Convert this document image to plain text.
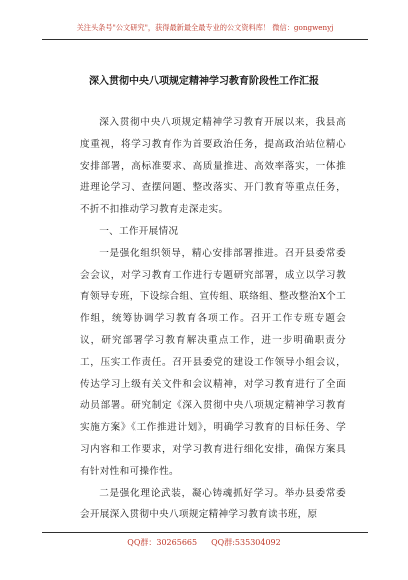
关注头条号"公文研究"，获得最新最全最专业的公文资料库！ 微信：gongwenyj
深入贯彻中央八项规定精神学习教育阶段性工作汇报

深入贯彻中央八项规定精神学习教育开展以来，我县高度重视，将学习教育作为首要政治任务，提高政治站位精心安排部署，高标准要求、高质量推进、高效率落实，一体推进理论学习、查摆问题、整改落实、开门教育等重点任务，不折不扣推动学习教育走深走实。

一、工作开展情况

一是强化组织领导，精心安排部署推进。召开县委常委会会议，对学习教育工作进行专题研究部署，成立以学习教育领导专班，下设综合组、宣传组、联络组、整改整治X个工作组，统筹协调学习教育各项工作。召开工作专班专题会议，研究部署学习教育解决重点工作，进一步明确职责分工，压实工作责任。召开县委党的建设工作领导小组会议，传达学习上级有关文件和会议精神，对学习教育进行了全面动员部署。研究制定《深入贯彻中央八项规定精神学习教育实施方案》《工作推进计划》，明确学习教育的目标任务、学习内容和工作要求，对学习教育进行细化安排，确保方案具有针对性和可操作性。

二是强化理论武装，凝心铸魂抓好学习。举办县委常委会开展深入贯彻中央八项规定精神学习教育读书班，原

QQ群：30265665 QQ群:535304092
